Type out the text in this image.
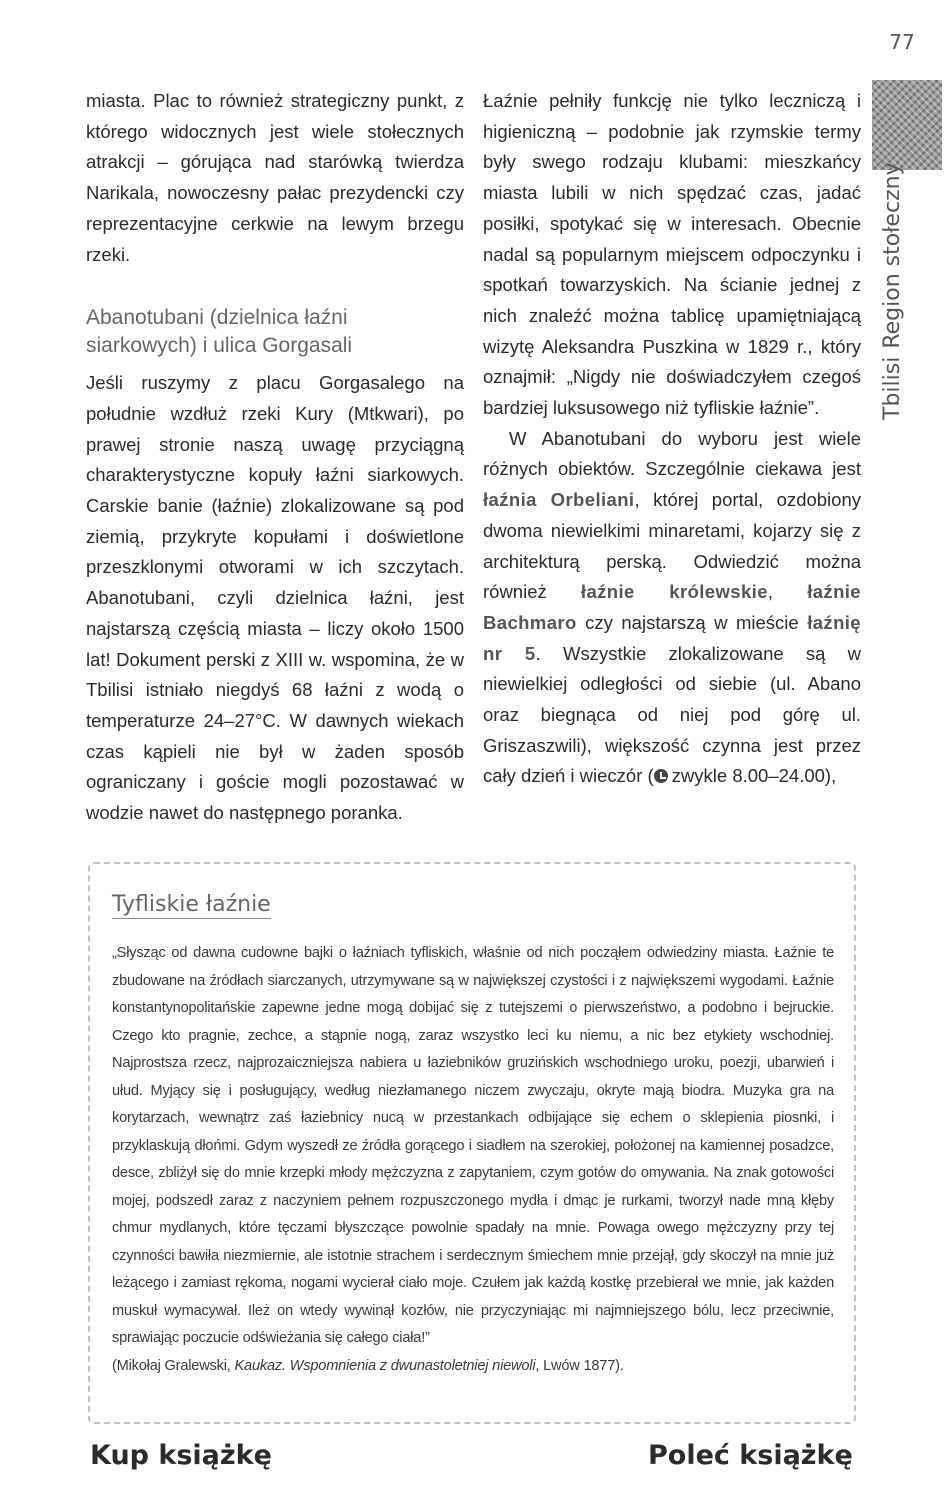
77
TbilisiRegion stołeczny

miasta. Plac to również strategiczny punkt, z którego widocznych jest wiele stołecznych atrakcji – górująca nad starówką twierdza Narikala, nowoczesny pałac prezydencki czy reprezentacyjne cerkwie na lewym brzegu rzeki.

Abanotubani (dzielnica łaźni siarkowych) i ulica Gorgasali

Jeśli ruszymy z placu Gorgasalego na południe wzdłuż rzeki Kury (Mtkwari), po prawej stronie naszą uwagę przyciągną charakterystyczne kopuły łaźni siarkowych. Carskie banie (łaźnie) zlokalizowane są pod ziemią, przykryte kopułami i doświetlone przeszklonymi otworami w ich szczytach. Abanotubani, czyli dzielnica łaźni, jest najstarszą częścią miasta – liczy około 1500 lat! Dokument perski z XIII w. wspomina, że w Tbilisi istniało niegdyś 68 łaźni z wodą o temperaturze 24–27°C. W dawnych wiekach czas kąpieli nie był w żaden sposób ograniczany i goście mogli pozostawać w wodzie nawet do następnego poranka.

Łaźnie pełniły funkcję nie tylko leczniczą i higieniczną – podobnie jak rzymskie termy były swego rodzaju klubami: mieszkańcy miasta lubili w nich spędzać czas, jadać posiłki, spotykać się w interesach. Obecnie nadal są popularnym miejscem odpoczynku i spotkań towarzyskich. Na ścianie jednej z nich znaleźć można tablicę upamiętniającą wizytę Aleksandra Puszkina w 1829 r., który oznajmił: „Nigdy nie doświadczyłem czegoś bardziej luksusowego niż tyfliskie łaźnie”.

W Abanotubani do wyboru jest wiele różnych obiektów. Szczególnie ciekawa jest łaźnia Orbeliani, której portal, ozdobiony dwoma niewielkimi minaretami, kojarzy się z architekturą perską. Odwiedzić można również łaźnie królewskie, łaźnie Bachmaro czy najstarszą w mieście łaźnię nr 5. Wszystkie zlokalizowane są w niewielkiej odległości od siebie (ul. Abano oraz biegnąca od niej pod górę ul. Griszaszwili), większość czynna jest przez cały dzień i wieczór ( zwykle 8.00–24.00),

Tyfliskie łaźnie

„Słysząc od dawna cudowne bajki o łaźniach tyfliskich, właśnie od nich począłem odwiedziny miasta. Łaźnie te zbudowane na źródłach siarczanych, utrzymywane są w największej czystości i z największemi wygodami. Łaźnie konstantynopolitańskie zapewne jedne mogą dobijać się z tutejszemi o pierwszeństwo, a podobno i bejruckie. Czego kto pragnie, zechce, a stąpnie nogą, zaraz wszystko leci ku niemu, a nic bez etykiety wschodniej. Najprostsza rzecz, najprozaiczniejsza nabiera u łaziebników gruzińskich wschodniego uroku, poezji, ubarwień i ułud. Myjący się i posługujący, według niezłamanego niczem zwyczaju, okryte mają biodra. Muzyka gra na korytarzach, wewnątrz zaś łaziebnicy nucą w przestankach odbijające się echem o sklepienia piosnki, i przyklaskują dłońmi. Gdym wyszedł ze źródła gorącego i siadłem na szerokiej, położonej na kamiennej posadzce, desce, zbliżył się do mnie krzepki młody mężczyzna z zapytaniem, czym gotów do omywania. Na znak gotowości mojej, podszedł zaraz z naczyniem pełnem rozpuszczonego mydła i dmąc je rurkami, tworzył nade mną kłęby chmur mydlanych, które tęczami błyszczące powolnie spadały na mnie. Powaga owego mężczyzny przy tej czynności bawiła niezmiernie, ale istotnie strachem i serdecznym śmiechem mnie przejął, gdy skoczył na mnie już leżącego i zamiast rękoma, nogami wycierał ciało moje. Czułem jak każdą kostkę przebierał we mnie, jak każden muskuł wymacywał. Ileż on wtedy wywinął kozłów, nie przyczyniając mi najmniejszego bólu, lecz przeciwnie, sprawiając poczucie odświeżania się całego ciała!”

(Mikołaj Gralewski, Kaukaz. Wspomnienia z dwunastoletniej niewoli, Lwów 1877).

Kup książkę	Poleć książkę
